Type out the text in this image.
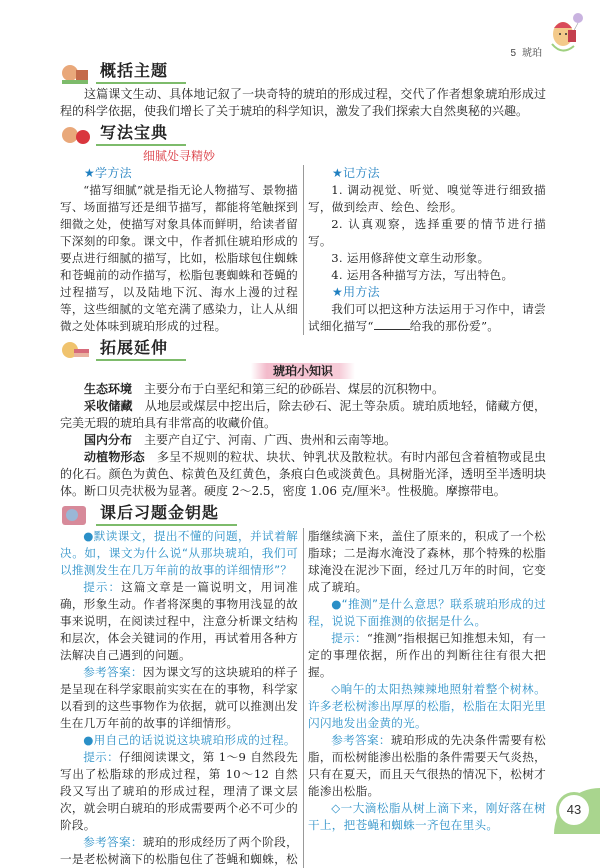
5 琥珀
概括主题
这篇课文生动、具体地记叙了一块奇特的琥珀的形成过程，交代了作者想象琥珀形成过程的科学依据，使我们增长了关于琥珀的科学知识，激发了我们探索大自然奥秘的兴趣。
写法宝典
细腻处寻精妙
★学方法
“描写细腻”就是指无论人物描写、景物描写、场面描写还是细节描写，都能将笔触探到细微之处，使描写对象具体而鲜明，给读者留下深刻的印象。课文中，作者抓住琥珀形成的要点进行细腻的描写，比如，松脂球包住蜘蛛和苍蝇前的动作描写，松脂包裹蜘蛛和苍蝇的过程描写，以及陆地下沉、海水上漫的过程等，这些细腻的文笔充满了感染力，让人从细微之处体味到琥珀形成的过程。
★记方法
1. 调动视觉、听觉、嗅觉等进行细致描写，做到绘声、绘色、绘形。
2. 认真观察，选择重要的情节进行描写。
3. 运用修辞使文章生动形象。
4. 运用各种描写方法，写出特色。
★用方法
我们可以把这种方法运用于习作中，请尝试细化描写“	给我的那份爱”。
拓展延伸
琥珀小知识
生态环境  主要分布于白垩纪和第三纪的砂砾岩、煤层的沉积物中。
采收储藏  从地层或煤层中挖出后，除去砂石、泥土等杂质。琥珀质地轻，储藏方便，完美无瑕的琥珀具有非常高的收藏价值。
国内分布  主要产自辽宁、河南、广西、贵州和云南等地。
动植物形态  多呈不规则的粒状、块状、钟乳状及散粒状。有时内部包含着植物或昆虫的化石。颜色为黄色、棕黄色及红黄色，条痕白色或淡黄色。具树脂光泽，透明至半透明块体。断口贝壳状极为显著。硬度 2～2.5，密度 1.06 克/厘米³。性极脆。摩擦带电。
课后习题金钥匙
●默读课文，提出不懂的问题，并试着解决。如，课文为什么说“从那块琥珀，我们可以推测发生在几万年前的故事的详细情形”？
提示：这篇文章是一篇说明文，用词准确，形象生动。作者将深奥的事物用浅显的故事来说明，在阅读过程中，注意分析课文结构和层次，体会关键词的作用，再试着用各种方法解决自己遇到的问题。
参考答案：因为课文写的这块琥珀的样子是呈现在科学家眼前实实在在的事物，科学家以看到的这些事物作为依据，就可以推测出发生在几万年前的故事的详细情形。
●用自己的话说说这块琥珀形成的过程。
提示：仔细阅读课文，第 1～9 自然段先写出了松脂球的形成过程，第 10～12 自然段又写出了琥珀的形成过程，理清了课文层次，就会明白琥珀的形成需要两个必不可少的阶段。
参考答案：琥珀的形成经历了两个阶段，一是老松树滴下的松脂包住了苍蝇和蜘蛛，松脂继续滴下来，盖住了原来的，积成了一个松脂球；二是海水淹没了森林，那个特殊的松脂球淹没在泥沙下面，经过几万年的时间，它变成了琥珀。
●“推测”是什么意思？联系琥珀形成的过程，说说下面推测的依据是什么。
提示：“推测”指根据已知推想未知，有一定的事理依据，所作出的判断往往有很大把握。
◇晌午的太阳热辣辣地照射着整个树林。许多老松树渗出厚厚的松脂，松脂在太阳光里闪闪地发出金黄的光。
参考答案：琥珀形成的先决条件需要有松脂，而松树能渗出松脂的条件需要天气炎热，只有在夏天，而且天气很热的情况下，松树才能渗出松脂。
◇一大滴松脂从树上滴下来，刚好落在树干上，把苍蝇和蜘蛛一齐包在里头。
43
